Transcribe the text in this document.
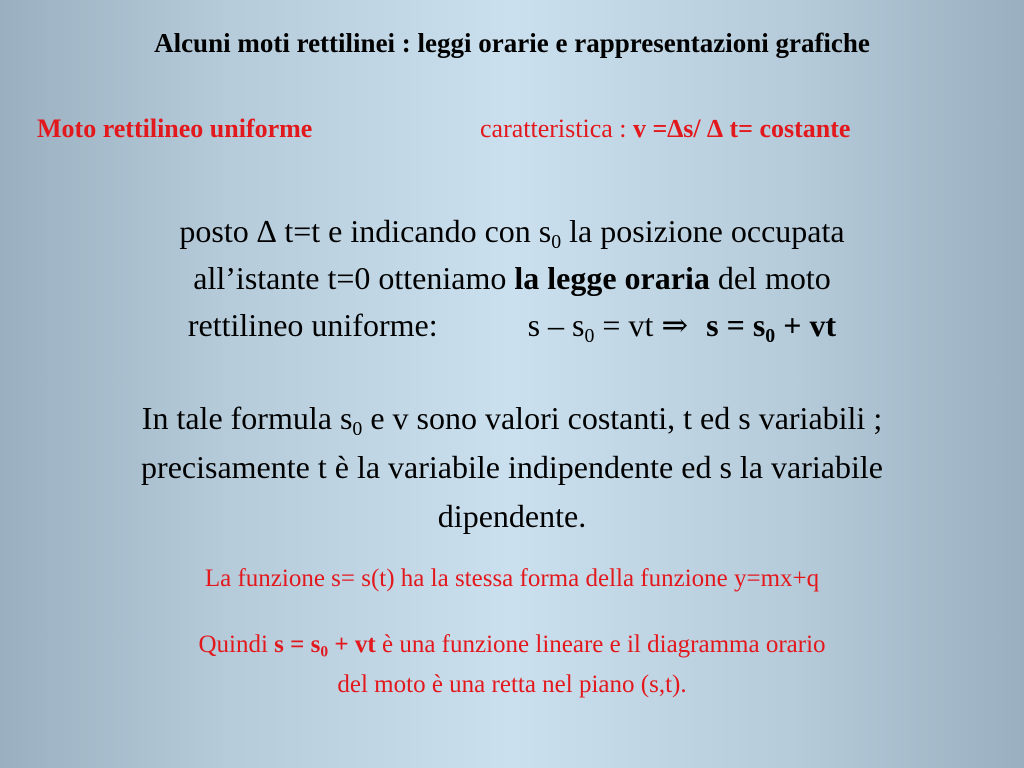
Alcuni moti rettilinei : leggi orarie e rappresentazioni grafiche
Moto rettilineo uniforme	caratteristica : v =∆s/ ∆ t= costante
posto ∆ t=t e indicando con $s_0$ la posizione occupata
all’istante t=0 otteniamo la legge oraria del moto
rettilineo uniforme:	s – $s_0$ = vt ⇒ $s = s_0$ + vt
In tale formula $s_0$ e v sono valori costanti, t ed s variabili ;
precisamente t è la variabile indipendente ed s la variabile
dipendente.
La funzione s= s(t) ha la stessa forma della funzione y=mx+q
Quindi $s = s_0$ + vt è una funzione lineare e il diagramma orario
del moto è una retta nel piano (s,t).
